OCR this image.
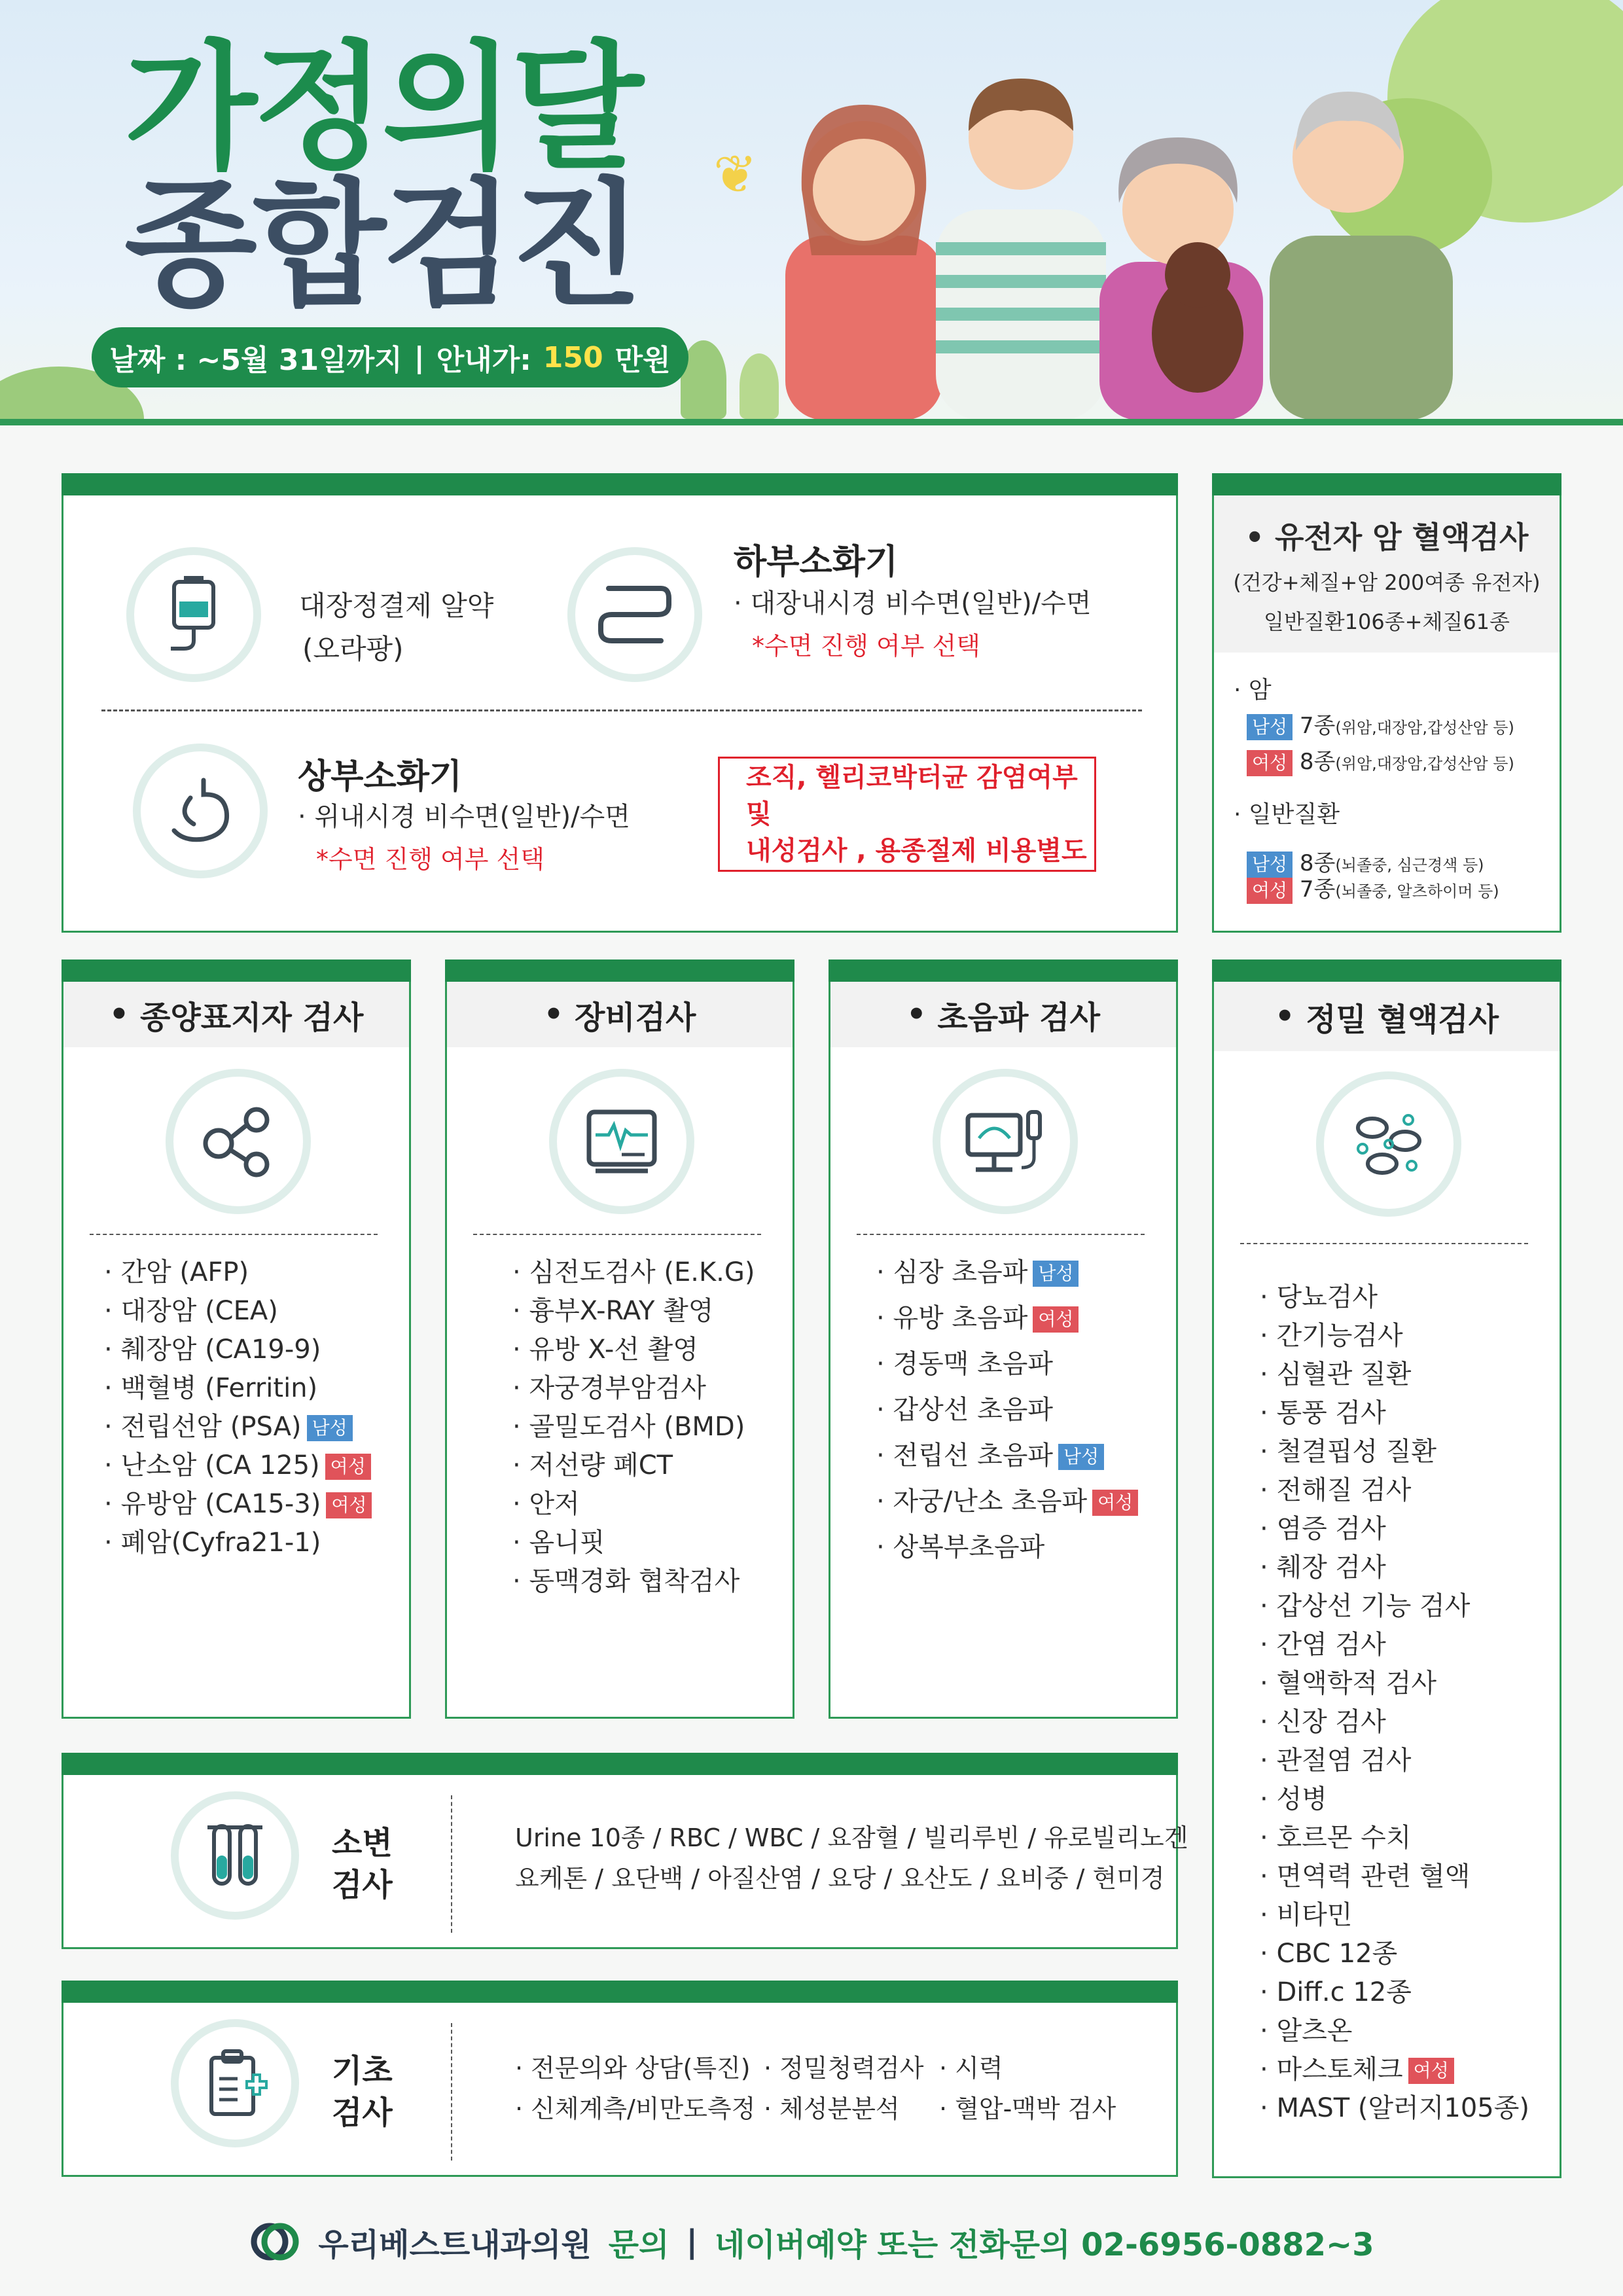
❦
가정의달
종합검진
날짜 : ~5월 31일까지 | 안내가: 150 만원
대장정결제 알약
(오라팡)
하부소화기
· 대장내시경 비수면(일반)/수면
*수면 진행 여부 선택
상부소화기
· 위내시경 비수면(일반)/수면
*수면 진행 여부 선택
조직, 헬리코박터균 감염여부 및
내성검사 , 용종절제 비용별도
• 유전자 암 혈액검사
(건강+체질+암 200여종 유전자)
일반질환106종+체질61종
· 암
남성 7종(위암,대장암,갑성산암 등)
여성 8종(위암,대장암,갑성산암 등)
· 일반질환
남성 8종(뇌졸중, 심근경색 등)
여성 7종(뇌졸중, 알츠하이머 등)
• 종양표지자 검사
· 간암 (AFP)
· 대장암 (CEA)
· 췌장암 (CA19-9)
· 백혈병 (Ferritin)
· 전립선암 (PSA) 남성
· 난소암 (CA 125) 여성
· 유방암 (CA15-3) 여성
· 폐암(Cyfra21-1)
• 장비검사
· 심전도검사 (E.K.G)
· 흉부X-RAY 촬영
· 유방 X-선 촬영
· 자궁경부암검사
· 골밀도검사 (BMD)
· 저선량 폐CT
· 안저
· 옴니핏
· 동맥경화 협착검사
• 초음파 검사
· 심장 초음파 남성
· 유방 초음파 여성
· 경동맥 초음파
· 갑상선 초음파
· 전립선 초음파 남성
· 자궁/난소 초음파 여성
· 상복부초음파
• 정밀 혈액검사
· 당뇨검사
· 간기능검사
· 심혈관 질환
· 통풍 검사
· 철결핍성 질환
· 전해질 검사
· 염증 검사
· 췌장 검사
· 갑상선 기능 검사
· 간염 검사
· 혈액학적 검사
· 신장 검사
· 관절염 검사
· 성병
· 호르몬 수치
· 면역력 관련 혈액
· 비타민
· CBC 12종
· Diff.c 12종
· 알츠온
· 마스토체크 여성
· MAST (알러지105종)
소변
검사
Urine 10종 / RBC / WBC / 요잠혈 / 빌리루빈 / 유로빌리노겐
요케톤 / 요단백 / 아질산염 / 요당 / 요산도 / 요비중 / 현미경
기초
검사
· 전문의와 상담(특진) · 정밀청력검사 · 시력
· 신체계측/비만도측정 · 체성분분석 · 혈압-맥박 검사
우리베스트내과의원 문의 | 네이버예약 또는 전화문의 02-6956-0882~3
